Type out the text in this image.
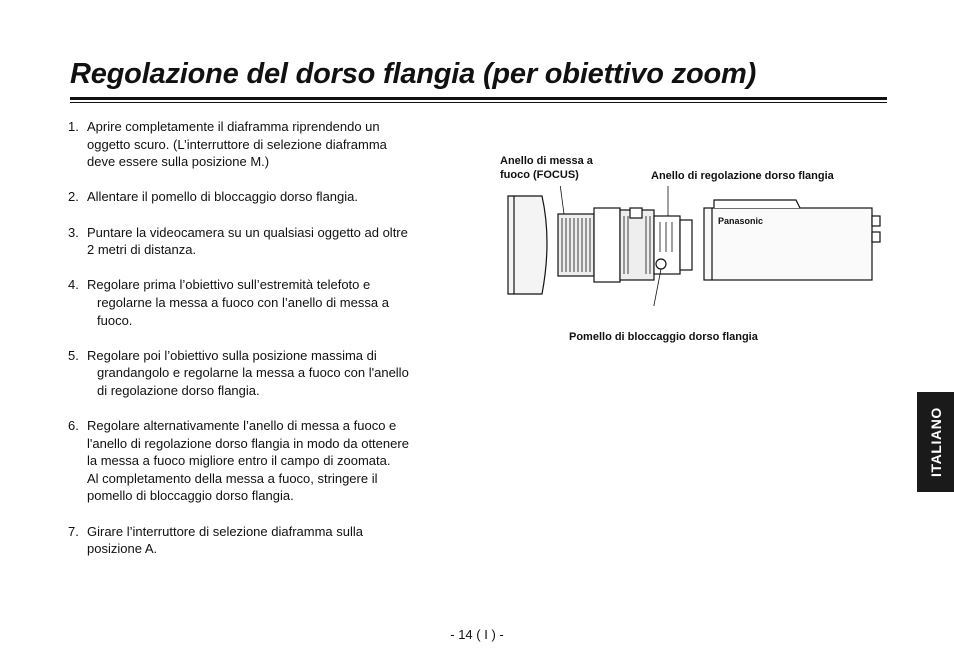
Regolazione del dorso flangia (per obiettivo zoom)
1. Aprire completamente il diaframma riprendendo un

oggetto scuro. (L’interruttore di selezione diaframma

deve essere sulla posizione M.)

2. Allentare il pomello di bloccaggio dorso flangia.

3. Puntare la videocamera su un qualsiasi oggetto ad oltre

2 metri di distanza.

4. Regolare prima l’obiettivo sull’estremità telefoto e

regolarne la messa a fuoco con l’anello di messa a

fuoco.

5. Regolare poi l’obiettivo sulla posizione massima di

grandangolo e regolarne la messa a fuoco con l'anello

di regolazione dorso flangia.

6. Regolare alternativamente l’anello di messa a fuoco e

l'anello di regolazione dorso flangia in modo da ottenere

la messa a fuoco migliore entro il campo di zoomata.

Al completamento della messa a fuoco, stringere il

pomello di bloccaggio dorso flangia.

7. Girare l’interruttore di selezione diaframma sulla

posizione A.

Anello di messa a
fuoco (FOCUS)	Anello di regolazione dorso flangia
Pomello di bloccaggio dorso flangia
Panasonic
ITALIANO
- 14 ( I ) -
